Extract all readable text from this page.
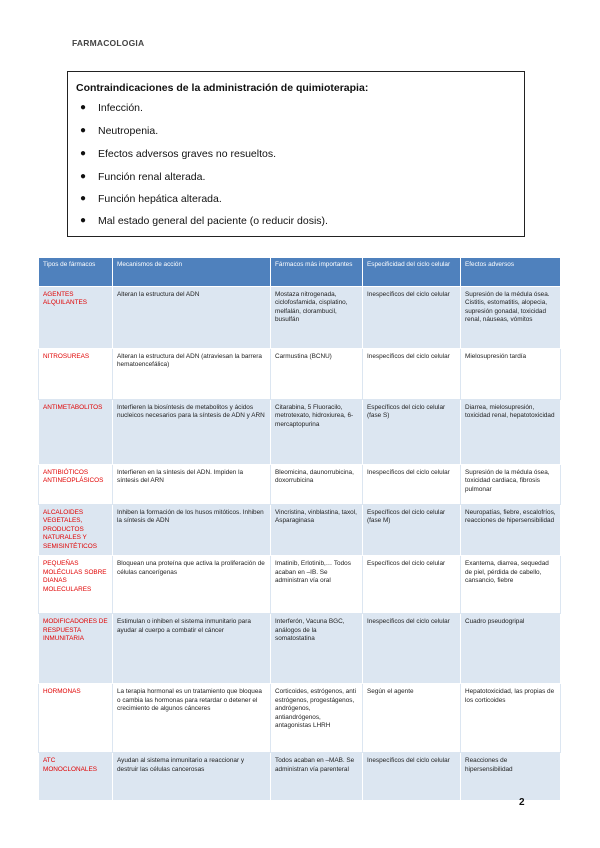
FARMACOLOGIA
Contraindicaciones de la administración de quimioterapia:
● Infección.
● Neutropenia.
● Efectos adversos graves no resueltos.
● Función renal alterada.
● Función hepática alterada.
● Mal estado general del paciente (o reducir dosis).
Tipos de fármacos	Mecanismos de acción	Fármacos más importantes	Especificidad del ciclo celular	Efectos adversos
AGENTES ALQUILANTES	Alteran la estructura del ADN	Mostaza nitrogenada, ciclofosfamida, cisplatino, melfalán, clorambucil, busulfán	Inespecíficos del ciclo celular	Supresión de la médula ósea. Cistitis, estomatitis, alopecia, supresión gonadal, toxicidad renal, náuseas, vómitos
NITROSUREAS	Alteran la estructura del ADN (atraviesan la barrera hematoencefálica)	Carmustina (BCNU)	Inespecíficos del ciclo celular	Mielosupresión tardía
ANTIMETABOLITOS	Interfieren la biosíntesis de metabolitos y ácidos nucleicos necesarios para la síntesis de ADN y ARN	Citarabina, 5 Fluoracilo, metrotexato, hidroxiurea, 6-mercaptopurina	Específicos del ciclo celular (fase S)	Diarrea, mielosupresión, toxicidad renal, hepatotoxicidad
ANTIBIÓTICOS ANTINEOPLÁSICOS	Interfieren en la síntesis del ADN. Impiden la síntesis del ARN	Bleomicina, daunorrubicina, doxorrubicina	Inespecíficos del ciclo celular	Supresión de la médula ósea, toxicidad cardiaca, fibrosis pulmonar
ALCALOIDES VEGETALES, PRODUCTOS NATURALES Y SEMISINTÉTICOS	Inhiben la formación de los husos mitóticos. Inhiben la síntesis de ADN	Vincristina, vinblastina, taxol, Asparaginasa	Específicos del ciclo celular (fase M)	Neuropatías, fiebre, escalofríos, reacciones de hipersensibilidad
PEQUEÑAS MOLÉCULAS SOBRE DIANAS MOLECULARES	Bloquean una proteína que activa la proliferación de células cancerígenas	Imatinib, Erlotinib,… Todos acaban en –IB. Se administran vía oral	Específicos del ciclo celular	Exantema, diarrea, sequedad de piel, pérdida de cabello, cansancio, fiebre
MODIFICADORES DE RESPUESTA INMUNITARIA	Estimulan o inhiben el sistema inmunitario para ayudar al cuerpo a combatir el cáncer	Interferón, Vacuna BGC, análogos de la somatostatina	Inespecíficos del ciclo celular	Cuadro pseudogripal
HORMONAS	La terapia hormonal es un tratamiento que bloquea o cambia las hormonas para retardar o detener el crecimiento de algunos cánceres	Corticoides, estrógenos, anti estrógenos, progestágenos, andrógenos, antiandrógenos, antagonistas LHRH	Según el agente	Hepatotoxicidad, las propias de los corticoides
ATC MONOCLONALES	Ayudan al sistema inmunitario a reaccionar y destruir las células cancerosas	Todos acaban en –MAB. Se administran vía parenteral	Inespecíficos del ciclo celular	Reacciones de hipersensibilidad
2
